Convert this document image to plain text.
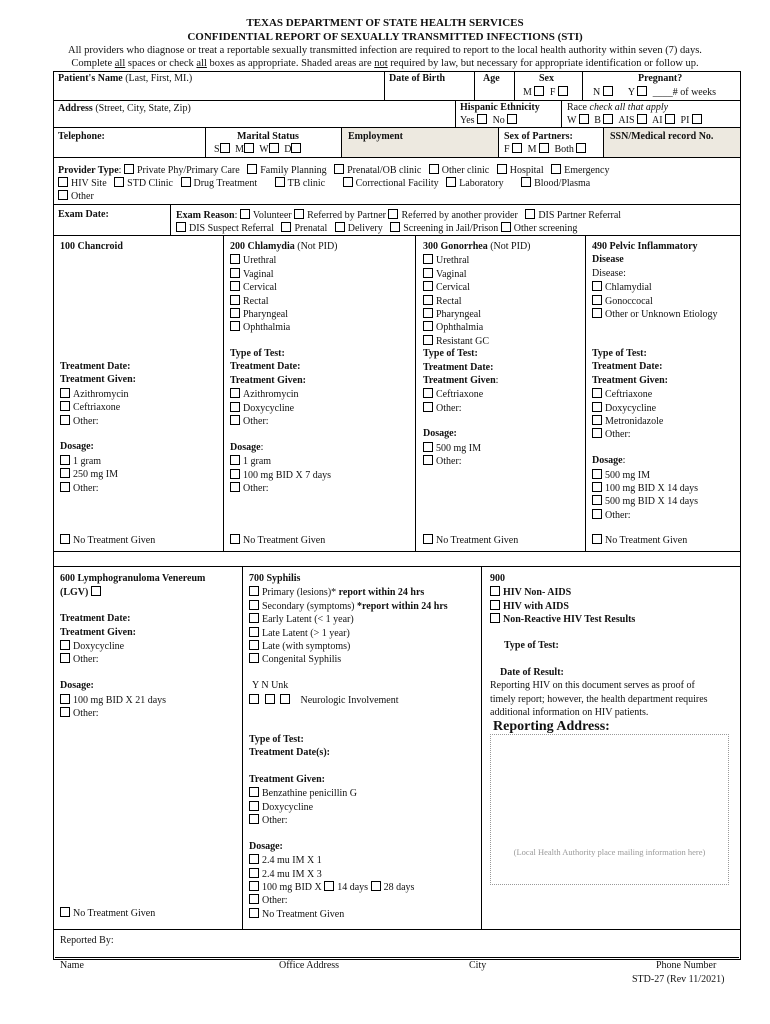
TEXAS DEPARTMENT OF STATE HEALTH SERVICES
CONFIDENTIAL REPORT OF SEXUALLY TRANSMITTED INFECTIONS (STI)
All providers who diagnose or treat a reportable sexually transmitted infection are required to report to the local health authority within seven (7) days.
Complete all spaces or check all boxes as appropriate. Shaded areas are not required by law, but necessary for appropriate identification or follow up.
Patient's Name (Last, First, MI.)	Date of Birth	Age	Sex
M F
Pregnant?
N	Y  ____# of weeks
Address (Street, City, State, Zip)	Hispanic Ethnicity
Yes No
Race check all that apply
W B AIS AI PI
Telephone:	Marital Status
S M W D
Employment	Sex of Partners:
F M Both
SSN/Medical record No.
Provider Type: Private Phy/Primary Care Family Planning Prenatal/OB clinic Other clinic Hospital Emergency
HIV Site STD Clinic Drug Treatment	TB clinic	Correctional Facility Laboratory	Blood/Plasma
Other
Exam Date:	Exam Reason: Volunteer Referred by Partner Referred by another provider DIS Partner Referral
DIS Suspect Referral Prenatal Delivery Screening in Jail/Prison Other screening
100 Chancroid
Treatment Date:
Treatment Given:
Azithromycin
Ceftriaxone
Other:
Dosage:
1 gram
250 mg IM
Other:
No Treatment Given
200 Chlamydia (Not PID)
Urethral
Vaginal
Cervical
Rectal
Pharyngeal
Ophthalmia
Type of Test:
Treatment Date:
Treatment Given:
Azithromycin
Doxycycline
Other:
Dosage:
1 gram
100 mg BID X 7 days
Other:
No Treatment Given
300 Gonorrhea (Not PID)
Urethral
Vaginal
Cervical
Rectal
Pharyngeal
Ophthalmia
Resistant GC
Type of Test:
Treatment Date:
Treatment Given:
Ceftriaxone
Other:
Dosage:
500 mg IM
Other:
No Treatment Given
490 Pelvic Inflammatory
Disease
Disease:
Chlamydial
Gonoccocal
Other or Unknown Etiology
Type of Test:
Treatment Date:
Treatment Given:
Ceftriaxone
Doxycycline
Metronidazole
Other:
Dosage:
500 mg IM
100 mg BID X 14 days
500 mg BID X 14 days
Other:
No Treatment Given
600 Lymphogranuloma Venereum
(LGV)
Treatment Date:
Treatment Given:
Doxycycline
Other:
Dosage:
100 mg BID X 21 days
Other:
No Treatment Given
700 Syphilis
Primary (lesions)* report within 24 hrs
Secondary (symptoms) *report within 24 hrs
Early Latent (< 1 year)
Late Latent (> 1 year)
Late (with symptoms)
Congenital Syphilis
Y N Unk
Neurologic Involvement
Type of Test:
Treatment Date(s):
Treatment Given:
Benzathine penicillin G
Doxycycline
Other:
Dosage:
2.4 mu IM X 1
2.4 mu IM X 3
100 mg BID X 14 days 28 days
Other:
No Treatment Given
900
HIV Non- AIDS
HIV with AIDS
Non-Reactive HIV Test Results
Type of Test:
Date of Result:
Reporting HIV on this document serves as proof of
timely report; however, the health department requires
additional information on HIV patients.
Reporting Address:
(Local Health Authority place mailing information here)
Reported By:
Name	Office Address	City	Phone Number
STD-27 (Rev 11/2021)
